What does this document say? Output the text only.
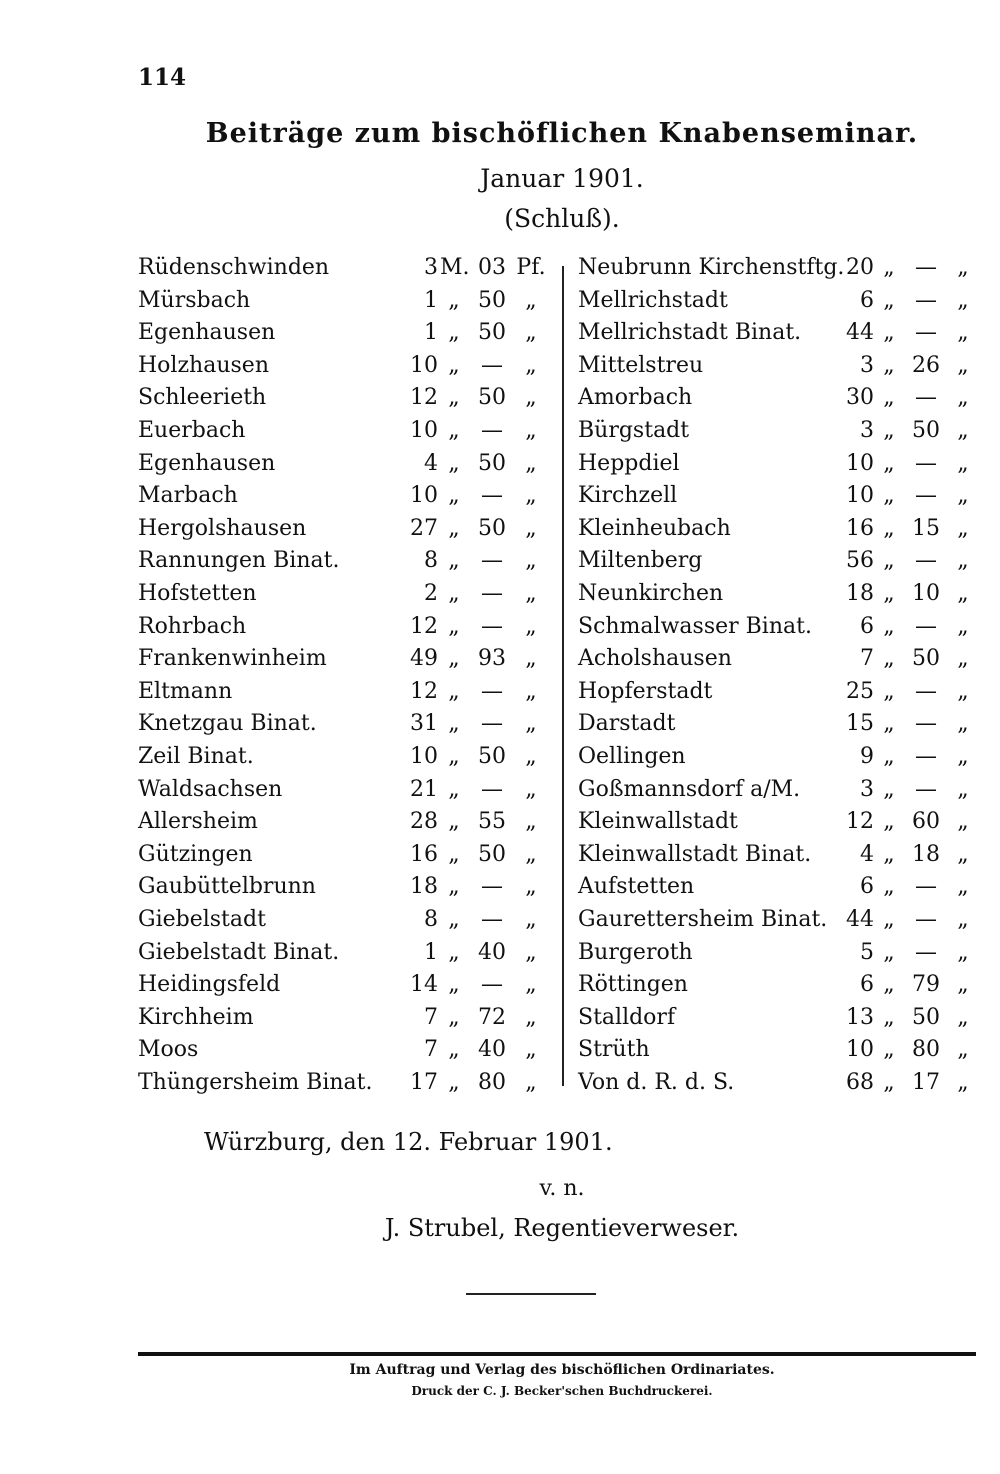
114
Beiträge zum bischöflichen Knabenseminar.
Januar 1901.
(Schluß).
Rüdenschwinden	3 M. 03 Pf.
Mürsbach	1 „ 50 „
Egenhausen	1 „ 50 „
Holzhausen	10 „ —	„
Schleerieth	12 „ 50 „
Euerbach	10 „ —	„
Egenhausen	4 „ 50 „
Marbach	10 „ —	„
Hergolshausen	27 „ 50 „
Rannungen Binat.	8 „ —	„
Hofstetten	2 „ —	„
Rohrbach	12 „ —	„
Frankenwinheim	49 „ 93 „
Eltmann	12 „ —	„
Knetzgau Binat.	31 „ —	„
Zeil Binat.	10 „ 50 „
Waldsachsen	21 „ —	„
Allersheim	28 „ 55 „
Gützingen	16 „ 50 „
Gaubüttelbrunn	18 „ —	„
Giebelstadt	8 „ —	„
Giebelstadt Binat.	1 „ 40 „
Heidingsfeld	14 „ —	„
Kirchheim	7 „ 72 „
Moos	7 „ 40 „
Thüngersheim Binat.	17 „ 80 „
Neubrunn Kirchenstftg. 20 „ — „
Mellrichstadt	6 „ — „
Mellrichstadt Binat.	44 „ — „
Mittelstreu	3 „ 26 „
Amorbach	30 „ — „
Bürgstadt	3 „ 50 „
Heppdiel	10 „ — „
Kirchzell	10 „ — „
Kleinheubach	16 „ 15 „
Miltenberg	56 „ — „
Neunkirchen	18 „ 10 „
Schmalwasser Binat.	6 „ — „
Acholshausen	7 „ 50 „
Hopferstadt	25 „ — „
Darstadt	15 „ — „
Oellingen	9 „ — „
Goßmannsdorf a/M.	3 „ — „
Kleinwallstadt	12 „ 60 „
Kleinwallstadt Binat.	4 „ 18 „
Aufstetten	6 „ — „
Gaurettersheim Binat. 44 „ — „
Burgeroth	5 „ — „
Röttingen	6 „ 79 „
Stalldorf	13 „ 50 „
Strüth	10 „ 80 „
Von d. R. d. S.	68 „ 17 „
Würzburg, den 12. Februar 1901.
v. n.
J. Strubel, Regentieverweser.
Im Auftrag und Verlag des bischöflichen Ordinariates.
Druck der C. J. Becker'schen Buchdruckerei.
